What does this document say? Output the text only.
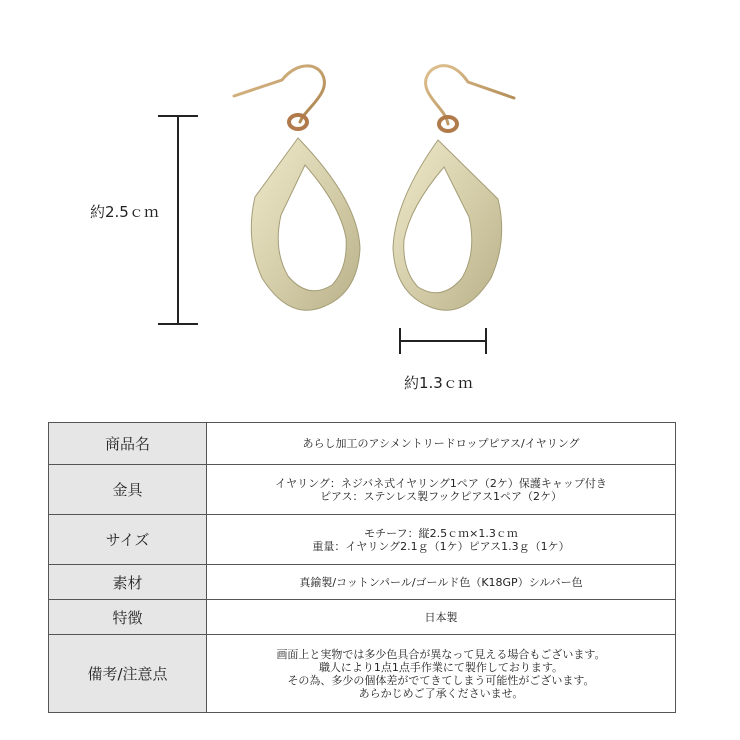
約2.5ｃｍ
約1.3ｃｍ
商品名	あらし加工のアシメントリードロップピアス/イヤリング

金具	イヤリング：ネジバネ式イヤリング1ペア（2ケ）保護キャップ付き
ピアス：ステンレス製フックピアス1ペア（2ケ）

サイズ	モチーフ：縦2.5ｃｍ×1.3ｃｍ
重量：イヤリング2.1ｇ（1ケ）ピアス1.3ｇ（1ケ）

素材	真鍮製/コットンパール/ゴールド色（K18GP）シルバー色

特徴	日本製

備考/注意点	画面上と実物では多少色具合が異なって見える場合もございます。
職人により1点1点手作業にて製作しております。
その為、多少の個体差がでてきてしまう可能性がございます。
あらかじめご了承くださいませ。
